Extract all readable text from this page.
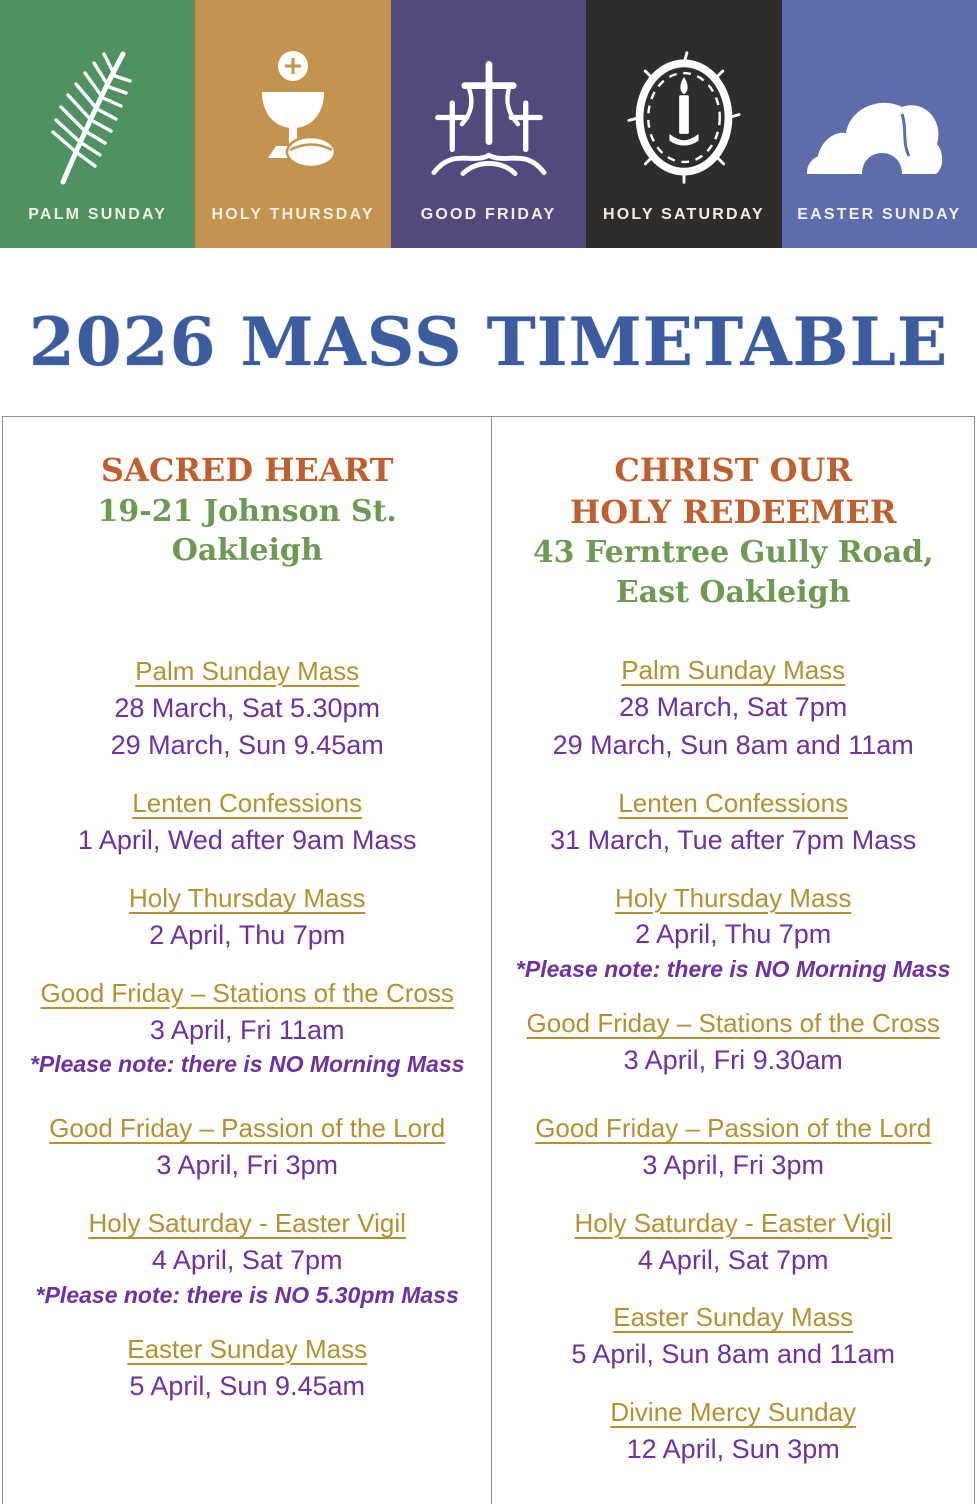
PALM SUNDAY	HOLY THURSDAY	GOOD FRIDAY	HOLY SATURDAY EASTER SUNDAY
2026 MASS TIMETABLE
SACRED HEART
19-21 Johnson St.
Oakleigh
Palm Sunday Mass
28 March, Sat 5.30pm
29 March, Sun 9.45am
Lenten Confessions
1 April, Wed after 9am Mass
Holy Thursday Mass
2 April, Thu 7pm
Good Friday – Stations of the Cross
3 April, Fri 11am
*Please note: there is NO Morning Mass
Good Friday – Passion of the Lord
3 April, Fri 3pm
Holy Saturday - Easter Vigil
4 April, Sat 7pm
*Please note: there is NO 5.30pm Mass
Easter Sunday Mass
5 April, Sun 9.45am
CHRIST OUR
HOLY REDEEMER
43 Ferntree Gully Road,
East Oakleigh
Palm Sunday Mass
28 March, Sat 7pm
29 March, Sun 8am and 11am
Lenten Confessions
31 March, Tue after 7pm Mass
Holy Thursday Mass
2 April, Thu 7pm
*Please note: there is NO Morning Mass
Good Friday – Stations of the Cross
3 April, Fri 9.30am
Good Friday – Passion of the Lord
3 April, Fri 3pm
Holy Saturday - Easter Vigil
4 April, Sat 7pm
Easter Sunday Mass
5 April, Sun 8am and 11am
Divine Mercy Sunday
12 April, Sun 3pm
